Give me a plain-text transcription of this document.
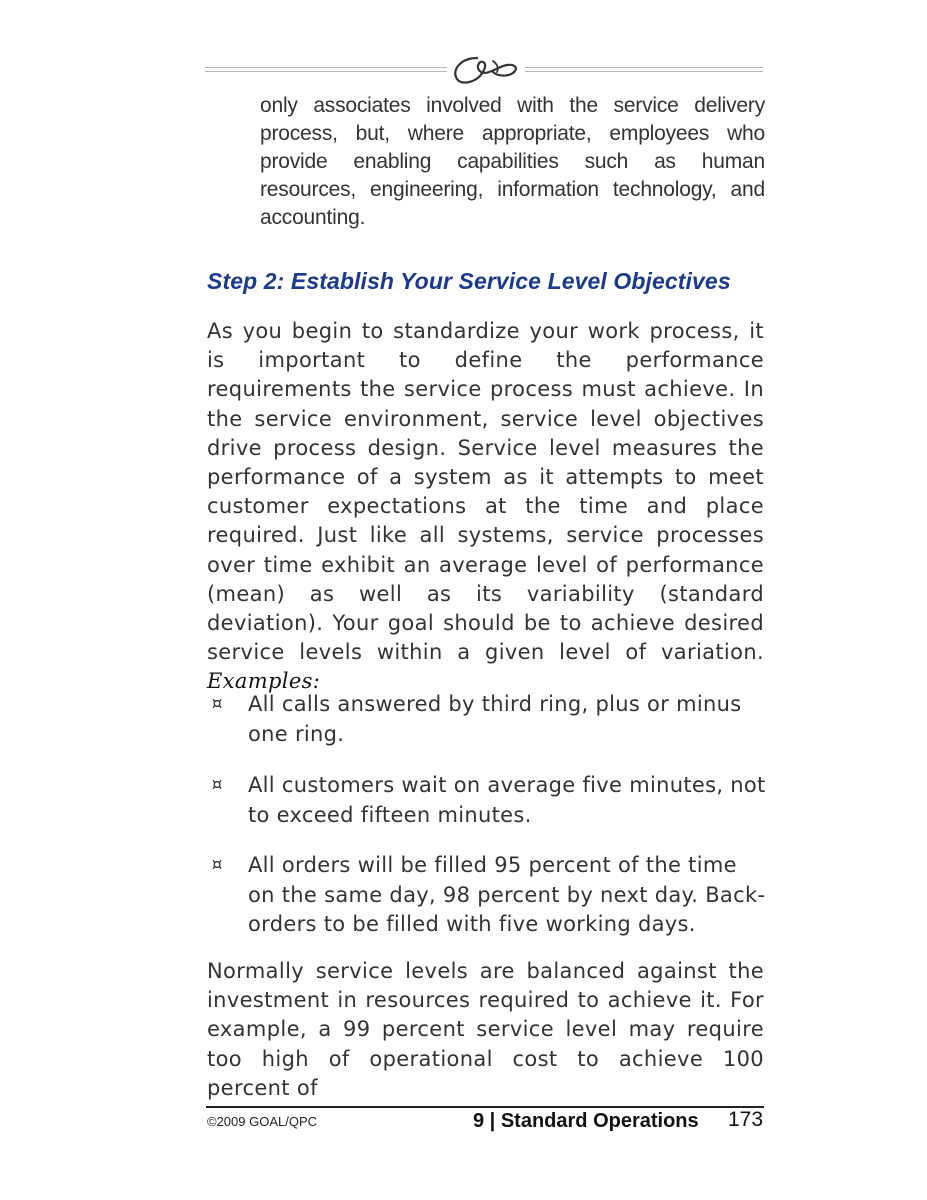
only associates involved with the service delivery process, but, where appropriate, employees who provide enabling capabilities such as human resources, engineering, information technology, and accounting.
Step 2: Establish Your Service Level Objectives
As you begin to standardize your work process, it is important to define the performance requirements the service process must achieve. In the service environment, service level objectives drive process design. Service level measures the performance of a system as it attempts to meet customer expectations at the time and place required. Just like all systems, service processes over time exhibit an average level of performance (mean) as well as its variability (standard deviation). Your goal should be to achieve desired service levels within a given level of variation. Examples:
¤ All calls answered by third ring, plus or minus one ring.
¤ All customers wait on average five minutes, not to exceed fifteen minutes.
¤ All orders will be filled 95 percent of the time on the same day, 98 percent by next day. Backorders to be filled with five working days.
Normally service levels are balanced against the investment in resources required to achieve it. For example, a 99 percent service level may require too high of operational cost to achieve 100 percent of
©2009 GOAL/QPC	9 | Standard Operations 173
